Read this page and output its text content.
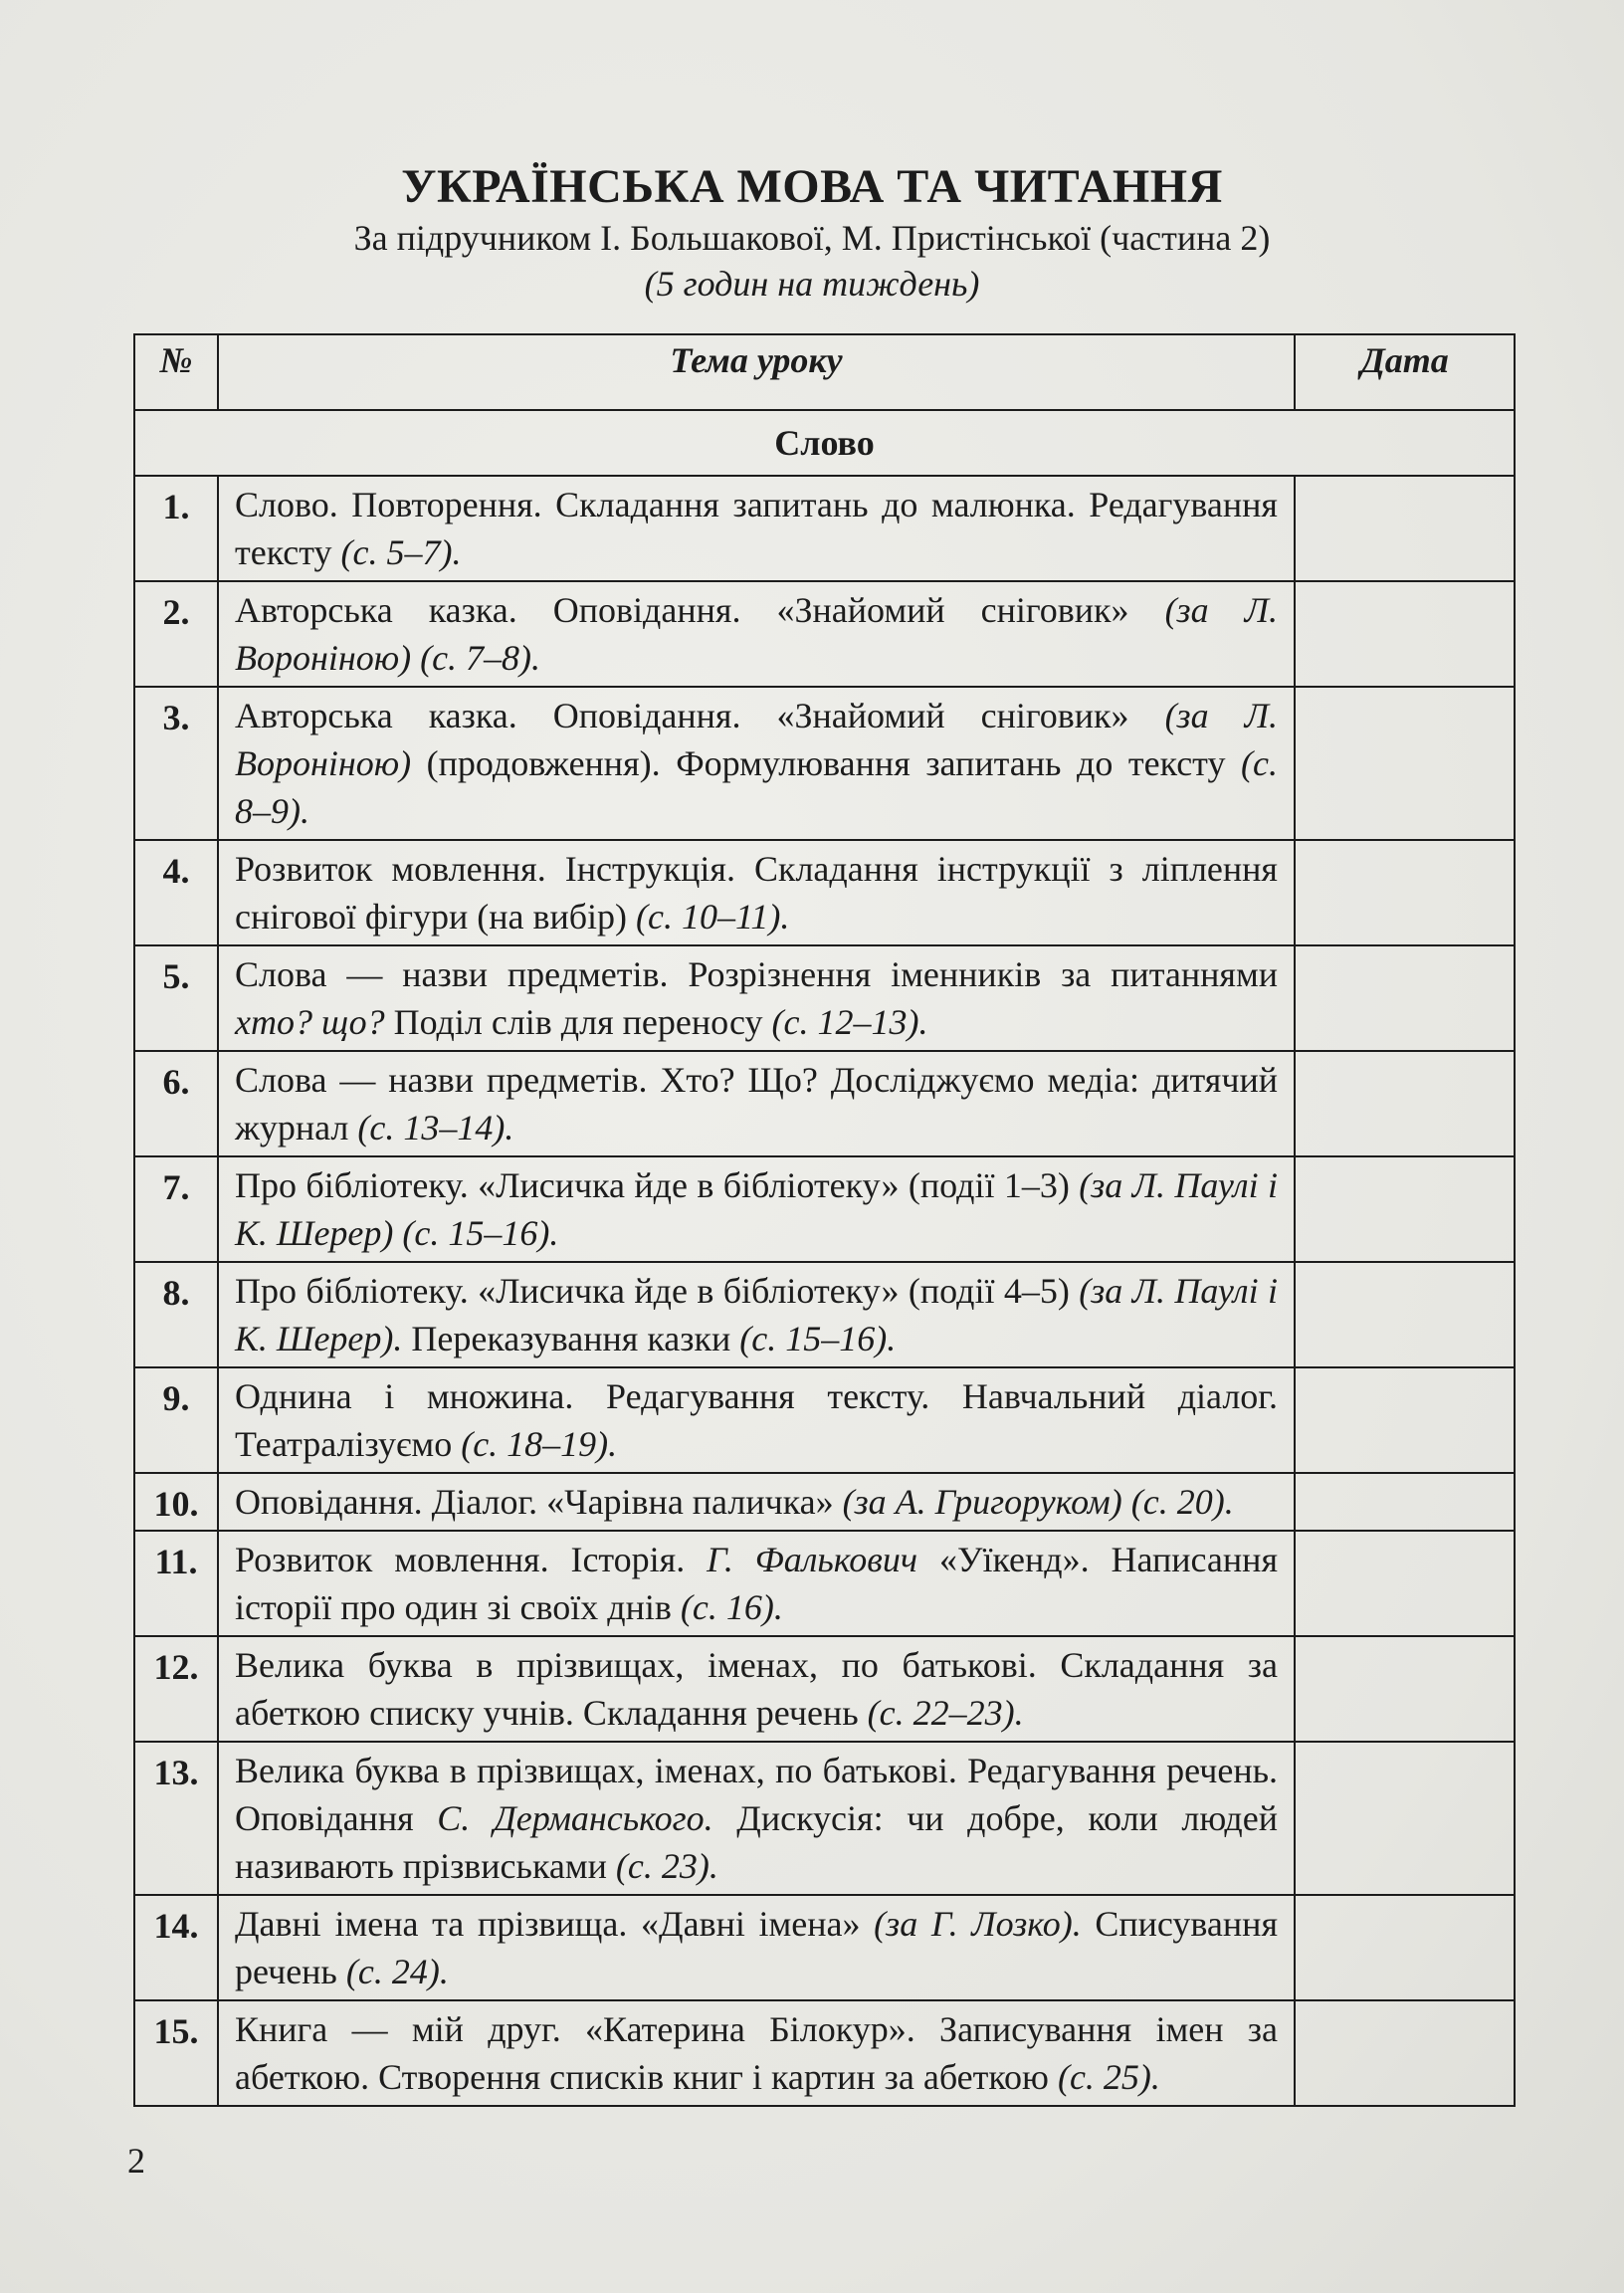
УКРАЇНСЬКА МОВА ТА ЧИТАННЯ
За підручником І. Большакової, М. Пристінської (частина 2)
(5 годин на тиждень)
№	Тема уроку	Дата
Слово		
1.	Слово. Повторення. Складання запитань до малюнка. Редагування тексту (с. 5–7).	
2.	Авторська казка. Оповідання. «Знайомий сніговик» (за Л. Вороніною) (с. 7–8).	
3.	Авторська казка. Оповідання. «Знайомий сніговик» (за Л. Вороніною) (продовження). Формулювання запитань до тексту (с. 8–9).	
4.	Розвиток мовлення. Інструкція. Складання інструкції з ліплення снігової фігури (на вибір) (с. 10–11).	
5.	Слова — назви предметів. Розрізнення іменників за питаннями хто? що? Поділ слів для переносу (с. 12–13).	
6.	Слова — назви предметів. Хто? Що? Досліджуємо медіа: дитячий журнал (с. 13–14).	
7.	Про бібліотеку. «Лисичка йде в бібліотеку» (події 1–3) (за Л. Паулі і К. Шерер) (с. 15–16).	
8.	Про бібліотеку. «Лисичка йде в бібліотеку» (події 4–5) (за Л. Паулі і К. Шерер). Переказування казки (с. 15–16).	
9.	Однина і множина. Редагування тексту. Навчальний діалог. Театралізуємо (с. 18–19).	
10.	Оповідання. Діалог. «Чарівна паличка» (за А. Григоруком) (с. 20).	
11.	Розвиток мовлення. Історія. Г. Фалькович «Уїкенд». Написання історії про один зі своїх днів (с. 16).	
12.	Велика буква в прізвищах, іменах, по батькові. Складання за абеткою списку учнів. Складання речень (с. 22–23).	
13.	Велика буква в прізвищах, іменах, по батькові. Редагування речень. Оповідання С. Дерманського. Дискусія: чи добре, коли людей називають прізвиськами (с. 23).	
14.	Давні імена та прізвища. «Давні імена» (за Г. Лозко). Списування речень (с. 24).	
15.	Книга — мій друг. «Катерина Білокур». Записування імен за абеткою. Створення списків книг і картин за абеткою (с. 25).	
2
